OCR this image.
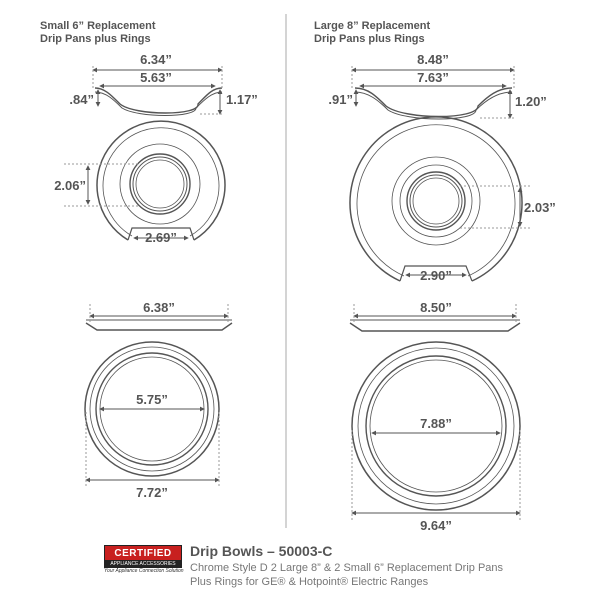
Small 6” Replacement
Drip Pans plus Rings
Large 8” Replacement
Drip Pans plus Rings
6.34”
5.63”
.84”	1.17”
2.06”
2.69”
6.38”
5.75”
7.72”
8.48”
7.63”
.91”	1.20”
2.03”
2.90”
8.50”
7.88”
9.64”
CERTIFIED
APPLIANCE ACCESSORIES
Your Appliance Connection Solution
Drip Bowls – 50003-C
Chrome Style D 2 Large 8” & 2 Small 6” Replacement Drip Pans
Plus Rings for GE® & Hotpoint® Electric Ranges
